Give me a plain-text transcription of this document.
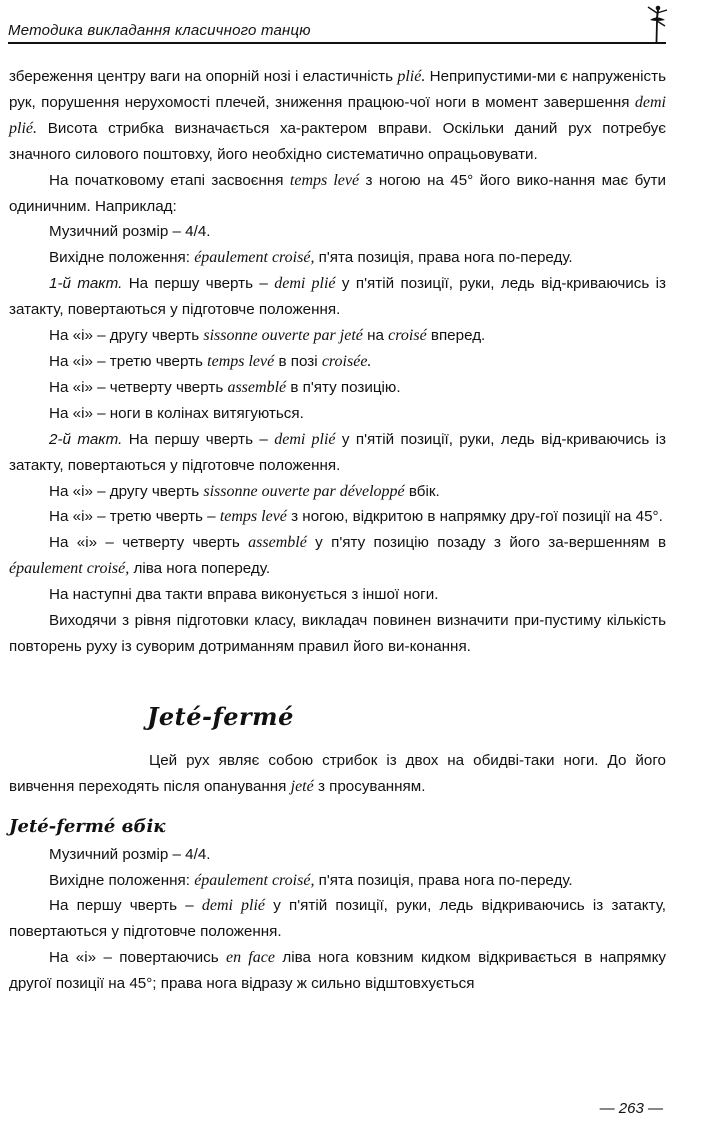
Методика викладання класичного танцю

збереження центру ваги на опорній нозі і еластичність plié. Неприпустими-ми є напруженість рук, порушення нерухомості плечей, зниження працюю-чої ноги в момент завершення demi plié. Висота стрибка визначається ха-рактером вправи. Оскільки даний рух потребує значного силового поштовху, його необхідно систематично опрацьовувати.

На початковому етапі засвоєння temps levé з ногою на 45° його вико-нання має бути одиничним. Наприклад:

Музичний розмір – 4/4.

Вихідне положення: épaulement croisé, п'ята позиція, права нога по-переду.

1-й такт. На першу чверть – demi plié у п'ятій позиції, руки, ледь від-криваючись із затакту, повертаються у підготовче положення.

На «і» – другу чверть sissonne ouverte par jeté на croisé вперед.

На «і» – третю чверть temps levé в позі croisée.

На «і» – четверту чверть assemblé в п'яту позицію.

На «і» – ноги в колінах витягуються.

2-й такт. На першу чверть – demi plié у п'ятій позиції, руки, ледь від-криваючись із затакту, повертаються у підготовче положення.

На «і» – другу чверть sissonne ouverte par développé вбік.

На «і» – третю чверть – temps levé з ногою, відкритою в напрямку дру-гої позиції на 45°.

На «і» – четверту чверть assemblé у п'яту позицію позаду з його за-вершенням в épaulement croisé, ліва нога попереду.

На наступні два такти вправа виконується з іншої ноги.

Виходячи з рівня підготовки класу, викладач повинен визначити при-пустиму кількість повторень руху із суворим дотриманням правил його ви-конання.

Jeté-fermé

Цей рух являє собою стрибок із двох на обидві-таки ноги. До його вивчення переходять після опанування jeté з просуванням.

Jeté-fermé вбік

Музичний розмір – 4/4.

Вихідне положення: épaulement croisé, п'ята позиція, права нога по-переду.

На першу чверть – demi plié у п'ятій позиції, руки, ледь відкриваючись із затакту, повертаються у підготовче положення.

На «і» – повертаючись en face ліва нога ковзним кидком відкривається в напрямку другої позиції на 45°; права нога відразу ж сильно відштовхується

— 263 —
